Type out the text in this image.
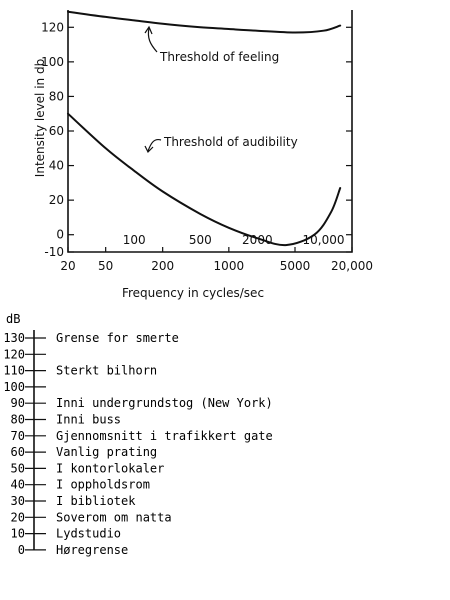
Intensity level in db
120
100
80
60
40
20
0
-10
20 50	200	1000	5000 20,000
100	500	2000 10,000
Frequency in cycles/sec
Threshold of feeling
Threshold of audibility
dB
130	Grense for smerte
120
110	Sterkt bilhorn
100
90	Inni undergrundstog (New York)
80	Inni buss
70	Gjennomsnitt i trafikkert gate
60	Vanlig prating
50	I kontorlokaler
40	I oppholdsrom
30	I bibliotek
20	Soverom om natta
10	Lydstudio
0	Høregrense
